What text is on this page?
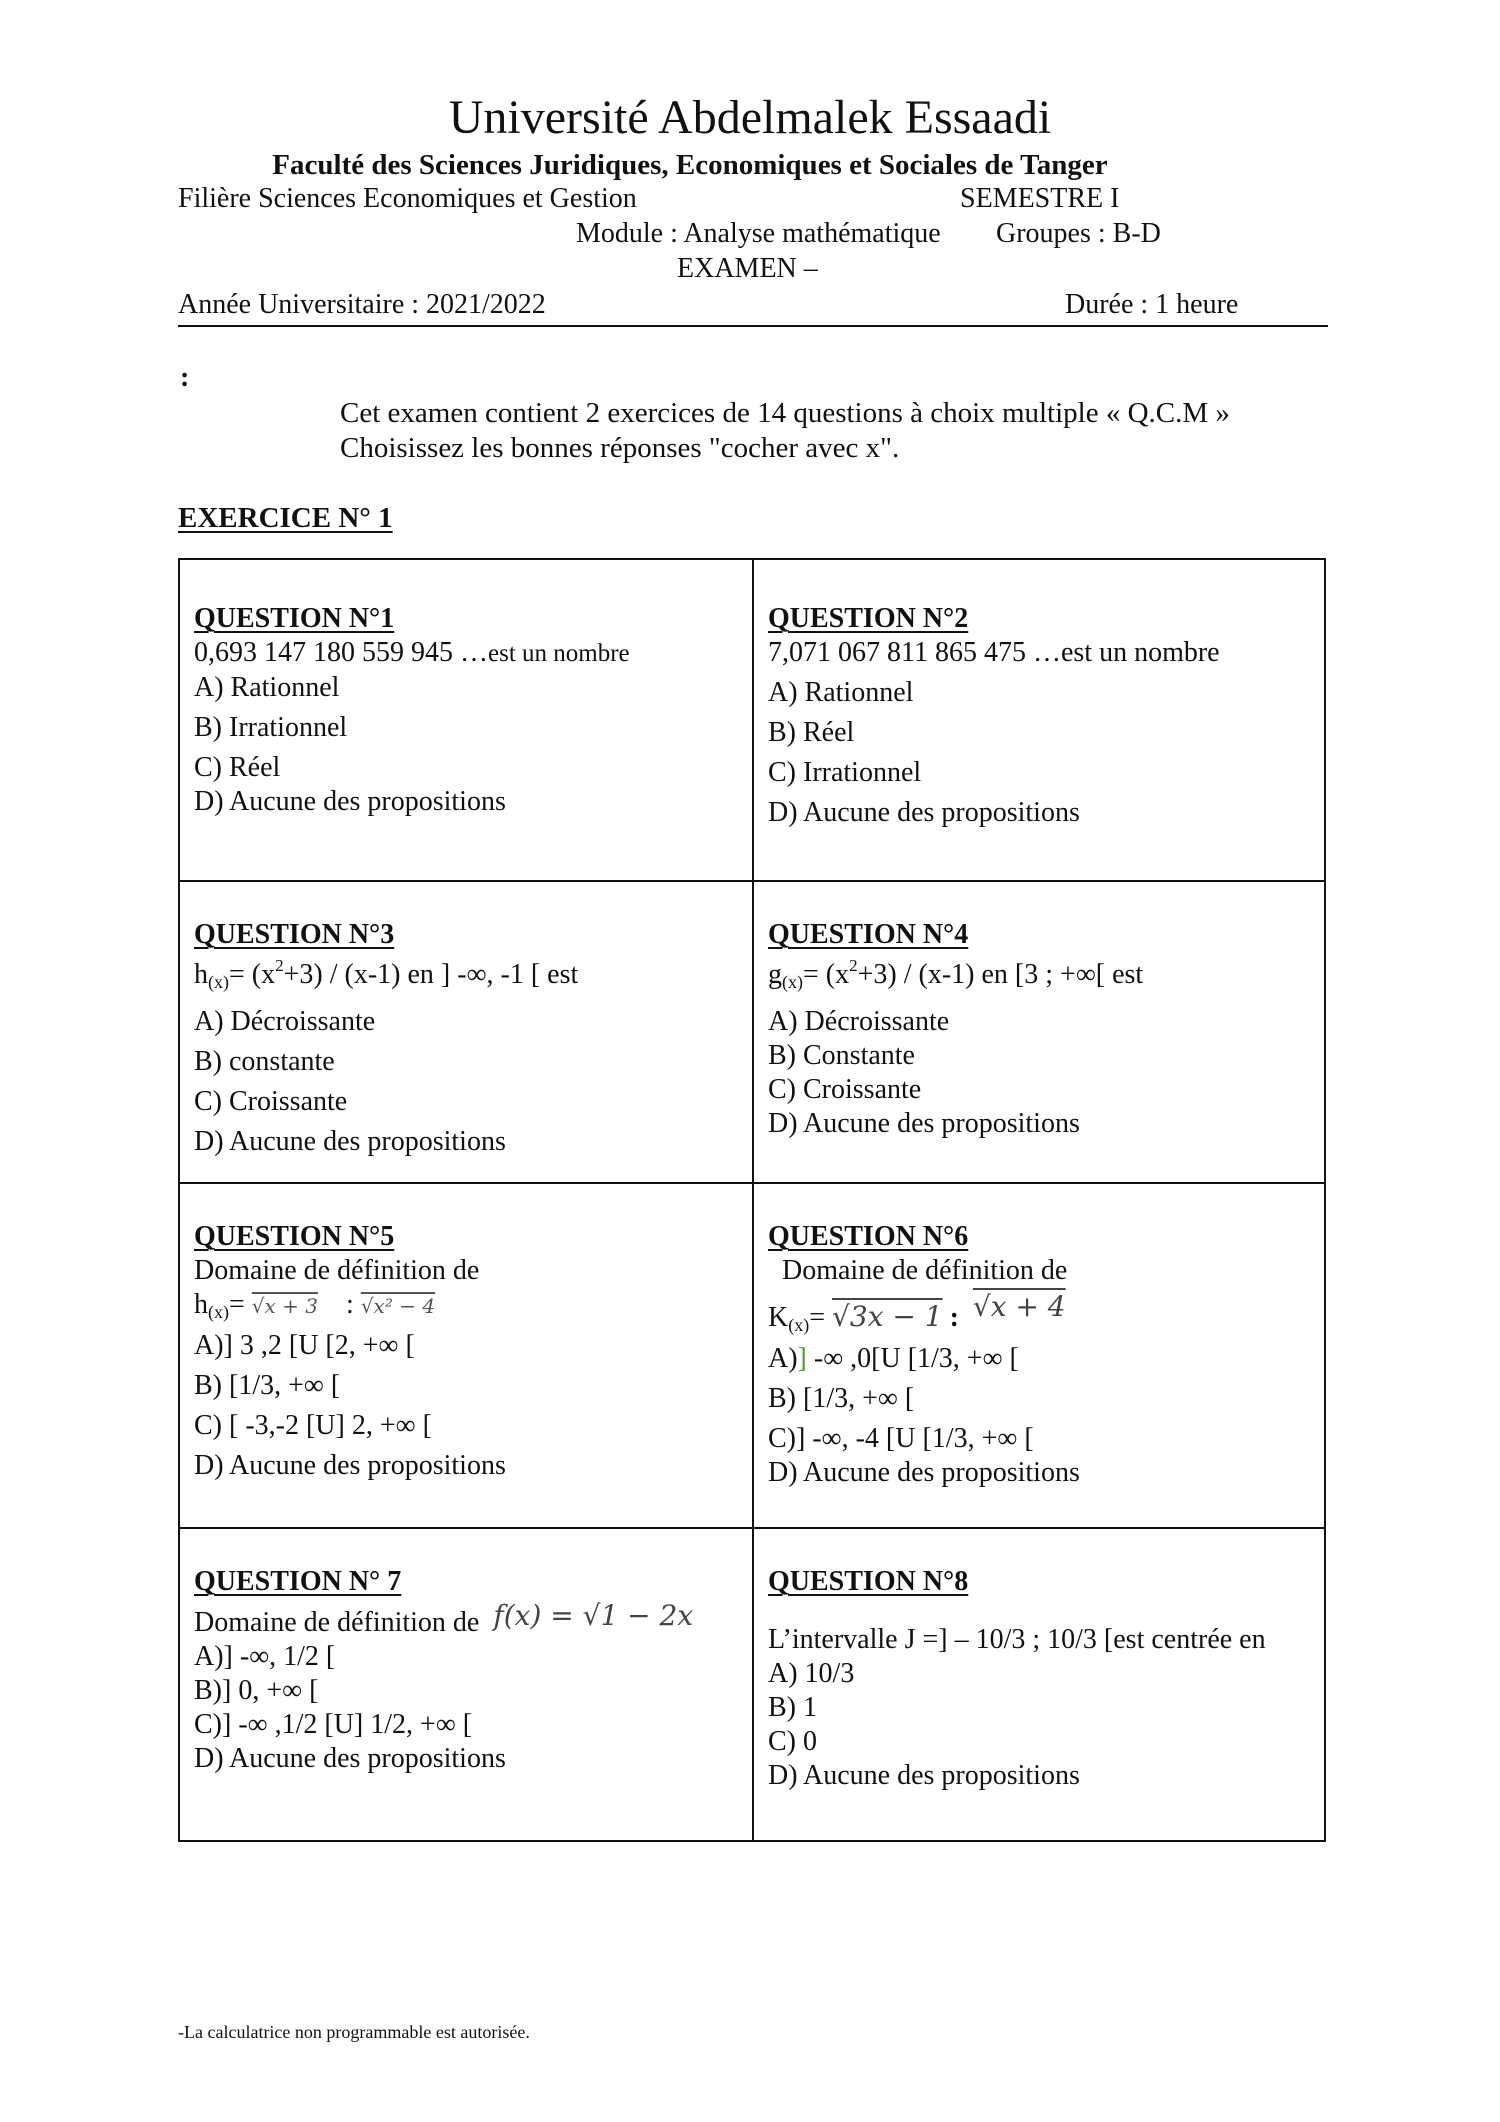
Université Abdelmalek Essaadi
Faculté des Sciences Juridiques, Economiques et Sociales de Tanger
Filière Sciences Economiques et Gestion	SEMESTRE I
Module : Analyse mathématique Groupes : B-D
EXAMEN –
Année Universitaire : 2021/2022	Durée : 1 heure
:
Cet examen contient 2 exercices de 14 questions à choix multiple « Q.C.M »
Choisissez les bonnes réponses "cocher avec x".
EXERCICE N° 1
QUESTION N°1
0,693 147 180 559 945 …est un nombre
A) Rationnel
B) Irrationnel
C) Réel
D) Aucune des propositions

QUESTION N°2
7,071 067 811 865 475 …est un nombre
A) Rationnel
B) Réel
C) Irrationnel
D) Aucune des propositions

QUESTION N°3
$h_{(x)}= (x^2+3) / (x-1)$ en ] -∞, -1 [ est
A) Décroissante
B) constante
C) Croissante
D) Aucune des propositions

QUESTION N°4
$g_{(x)}= (x^2+3) / (x-1)$ en [3 ; +∞[ est
A) Décroissante
B) Constante
C) Croissante
D) Aucune des propositions

QUESTION N°5
Domaine de définition de
$h_{(x)}= √x + 3$ : √x² − 4
A)] 3 ,2 [U [2, +∞ [
B) [1/3, +∞ [
C) [ -3,-2 [U] 2, +∞ [
D) Aucune des propositions

QUESTION N°6
Domaine de définition de
$K_{(x)}= √3x - 1$ : √x + 4
A)] -∞ ,0[U [1/3, +∞ [
B) [1/3, +∞ [
C)] -∞, -4 [U [1/3, +∞ [
D) Aucune des propositions

QUESTION N° 7
Domaine de définition de f(x) = √1 − 2x
A)] -∞, 1/2 [
B)] 0, +∞ [
C)] -∞ ,1/2 [U] 1/2, +∞ [
D) Aucune des propositions

QUESTION N°8
L’intervalle J =] – 10/3 ; 10/3 [est centrée en
A) 10/3
B) 1
C) 0
D) Aucune des propositions
-La calculatrice non programmable est autorisée.
